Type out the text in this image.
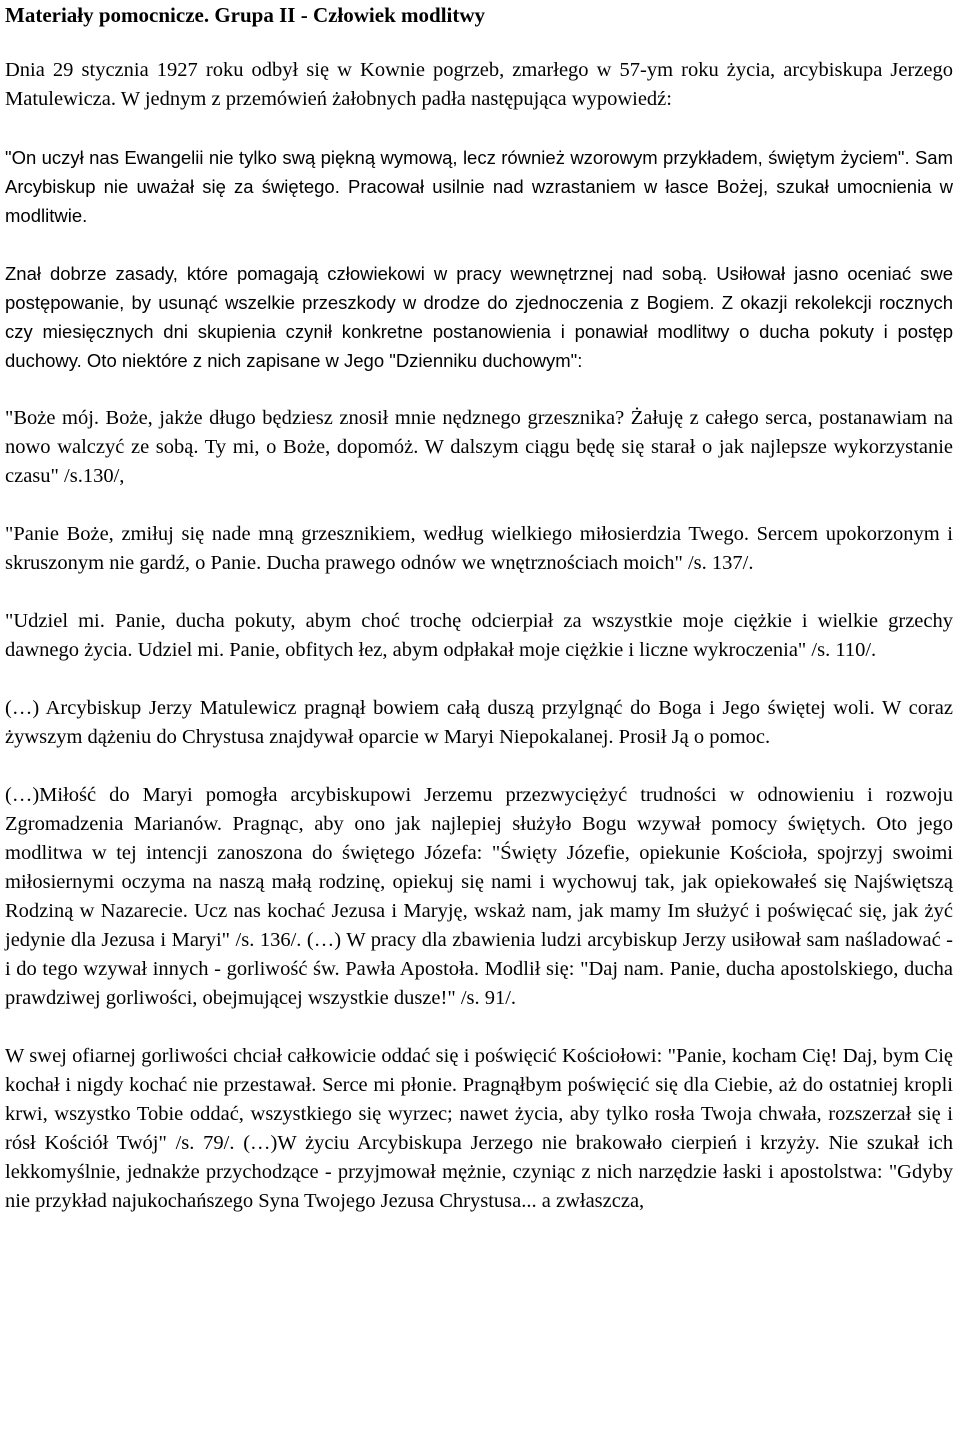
Materiały pomocnicze. Grupa II - Człowiek modlitwy

Dnia 29 stycznia 1927 roku odbył się w Kownie pogrzeb, zmarłego w 57-ym roku życia, arcybiskupa Jerzego Matulewicza. W jednym z przemówień żałobnych padła następująca wypowiedź:

"On uczył nas Ewangelii nie tylko swą piękną wymową, lecz również wzorowym przykładem, świętym życiem". Sam Arcybiskup nie uważał się za świętego. Pracował usilnie nad wzrastaniem w łasce Bożej, szukał umocnienia w modlitwie.

Znał dobrze zasady, które pomagają człowiekowi w pracy wewnętrznej nad sobą. Usiłował jasno oceniać swe postępowanie, by usunąć wszelkie przeszkody w drodze do zjednoczenia z Bogiem. Z okazji rekolekcji rocznych czy miesięcznych dni skupienia czynił konkretne postanowienia i ponawiał modlitwy o ducha pokuty i postęp duchowy. Oto niektóre z nich zapisane w Jego "Dzienniku duchowym":

"Boże mój. Boże, jakże długo będziesz znosił mnie nędznego grzesznika? Żałuję z całego serca, postanawiam na nowo walczyć ze sobą. Ty mi, o Boże, dopomóż. W dalszym ciągu będę się starał o jak najlepsze wykorzystanie czasu" /s.130/,

"Panie Boże, zmiłuj się nade mną grzesznikiem, według wielkiego miłosierdzia Twego. Sercem upokorzonym i skruszonym nie gardź, o Panie. Ducha prawego odnów we wnętrznościach moich" /s. 137/.

"Udziel mi. Panie, ducha pokuty, abym choć trochę odcierpiał za wszystkie moje ciężkie i wielkie grzechy dawnego życia. Udziel mi. Panie, obfitych łez, abym odpłakał moje ciężkie i liczne wykroczenia" /s. 110/.

(…) Arcybiskup Jerzy Matulewicz pragnął bowiem całą duszą przylgnąć do Boga i Jego świętej woli. W coraz żywszym dążeniu do Chrystusa znajdywał oparcie w Maryi Niepokalanej. Prosił Ją o pomoc.

(…)Miłość do Maryi pomogła arcybiskupowi Jerzemu przezwyciężyć trudności w odnowieniu i rozwoju Zgromadzenia Marianów. Pragnąc, aby ono jak najlepiej służyło Bogu wzywał pomocy świętych. Oto jego modlitwa w tej intencji zanoszona do świętego Józefa: "Święty Józefie, opiekunie Kościoła, spojrzyj swoimi miłosiernymi oczyma na naszą małą rodzinę, opiekuj się nami i wychowuj tak, jak opiekowałeś się Najświętszą Rodziną w Nazarecie. Ucz nas kochać Jezusa i Maryję, wskaż nam, jak mamy Im służyć i poświęcać się, jak żyć jedynie dla Jezusa i Maryi" /s. 136/. (…) W pracy dla zbawienia ludzi arcybiskup Jerzy usiłował sam naśladować - i do tego wzywał innych - gorliwość św. Pawła Apostoła. Modlił się: "Daj nam. Panie, ducha apostolskiego, ducha prawdziwej gorliwości, obejmującej wszystkie dusze!" /s. 91/.

W swej ofiarnej gorliwości chciał całkowicie oddać się i poświęcić Kościołowi: "Panie, kocham Cię! Daj, bym Cię kochał i nigdy kochać nie przestawał. Serce mi płonie. Pragnąłbym poświęcić się dla Ciebie, aż do ostatniej kropli krwi, wszystko Tobie oddać, wszystkiego się wyrzec; nawet życia, aby tylko rosła Twoja chwała, rozszerzał się i rósł Kościół Twój" /s. 79/. (…)W życiu Arcybiskupa Jerzego nie brakowało cierpień i krzyży. Nie szukał ich lekkomyślnie, jednakże przychodzące - przyjmował mężnie, czyniąc z nich narzędzie łaski i apostolstwa: "Gdyby nie przykład najukochańszego Syna Twojego Jezusa Chrystusa... a zwłaszcza,
